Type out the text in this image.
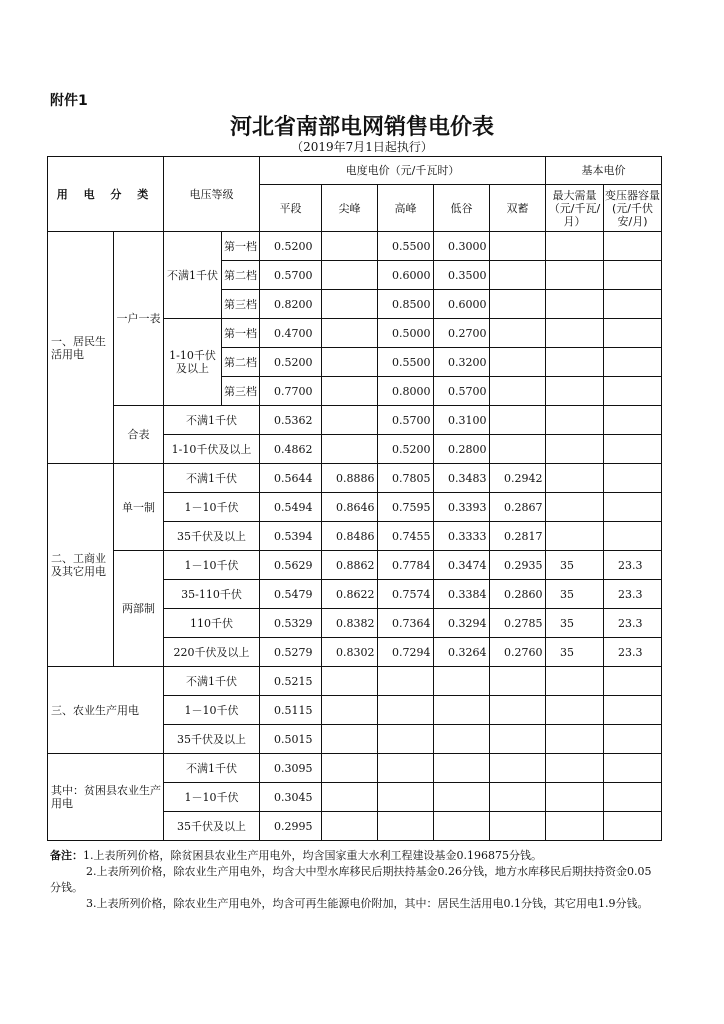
附件1
河北省南部电网销售电价表
（2019年7月1日起执行）
用 电 分 类		电压等级		电度电价（元/千瓦时）					基本电价	
				平段	尖峰	高峰	低谷	双蓄	最大需量（元/千瓦/月）	变压器容量(元/千伏安/月)
一、居民生活用电	一户一表	不满1千伏	第一档	0.5200		0.5500	0.3000			
			第二档	0.5700		0.6000	0.3500			
			第三档	0.8200		0.8500	0.6000			
		1-10千伏及以上	第一档	0.4700		0.5000	0.2700			
			第二档	0.5200		0.5500	0.3200			
			第三档	0.7700		0.8000	0.5700			
	合表	不满1千伏		0.5362		0.5700	0.3100			
		1-10千伏及以上		0.4862		0.5200	0.2800			
二、工商业及其它用电	单一制	不满1千伏		0.5644	0.8886	0.7805	0.3483	0.2942		
		1－10千伏		0.5494	0.8646	0.7595	0.3393	0.2867		
		35千伏及以上		0.5394	0.8486	0.7455	0.3333	0.2817		
	两部制	1－10千伏		0.5629	0.8862	0.7784	0.3474	0.2935	35	23.3
		35-110千伏		0.5479	0.8622	0.7574	0.3384	0.2860	35	23.3
		110千伏		0.5329	0.8382	0.7364	0.3294	0.2785	35	23.3
		220千伏及以上		0.5279	0.8302	0.7294	0.3264	0.2760	35	23.3
三、农业生产用电		不满1千伏		0.5215						
		1－10千伏		0.5115						
		35千伏及以上		0.5015						
其中：贫困县农业生产用电		不满1千伏		0.3095						
		1－10千伏		0.3045						
		35千伏及以上		0.2995						

备注：1.上表所列价格，除贫困县农业生产用电外，均含国家重大水利工程建设基金0.196875分钱。

2.上表所列价格，除农业生产用电外，均含大中型水库移民后期扶持基金0.26分钱，地方水库移民后期扶持资金0.05分钱。

3.上表所列价格，除农业生产用电外，均含可再生能源电价附加，其中：居民生活用电0.1分钱，其它用电1.9分钱。
